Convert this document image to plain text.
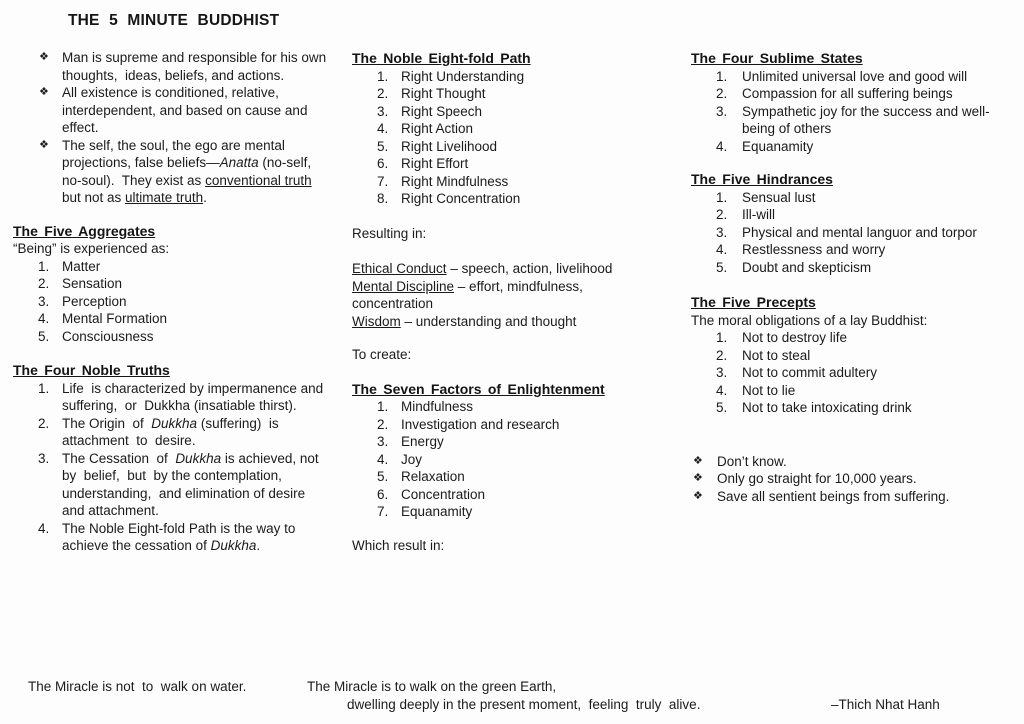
THE 5 MINUTE BUDDHIST
❖ Man is supreme and responsible for his own thoughts,  ideas, beliefs, and actions.
❖ All existence is conditioned, relative, interdependent, and based on cause and effect.
❖ The self, the soul, the ego are mental projections, false beliefs—Anatta (no-self, no-soul).  They exist as conventional truth but not as ultimate truth.
The Five Aggregates

“Being” is experienced as:

1. Matter
2. Sensation
3. Perception
4. Mental Formation
5. Consciousness
The Four Noble Truths
1. Life  is characterized by impermanence and suffering,  or  Dukkha (insatiable thirst).
2. The Origin  of  Dukkha (suffering)  is attachment  to  desire.
3. The Cessation  of  Dukkha is achieved, not  by  belief,  but  by the contemplation,  understanding,  and elimination of desire and attachment.
4. The Noble Eight-fold Path is the way to achieve the cessation of Dukkha.
The Noble Eight-fold Path
1. Right Understanding
2. Right Thought
3. Right Speech
4. Right Action
5. Right Livelihood
6. Right Effort
7. Right Mindfulness
8. Right Concentration

Resulting in:

Ethical Conduct – speech, action, livelihood

Mental Discipline – effort, mindfulness, concentration

Wisdom – understanding and thought

To create:

The Seven Factors of Enlightenment
1. Mindfulness
2. Investigation and research
3. Energy
4. Joy
5. Relaxation
6. Concentration
7. Equanamity

Which result in:

The Four Sublime States
1.	Unlimited universal love and good will
2.	Compassion for all suffering beings
3.	Sympathetic joy for the success and well-being of others
4.	Equanamity
The Five Hindrances
1.	Sensual lust
2.	Ill-will
3.	Physical and mental languor and torpor
4.	Restlessness and worry
5.	Doubt and skepticism
The Five Precepts

The moral obligations of a lay Buddhist:

1.	Not to destroy life
2.	Not to steal
3.	Not to commit adultery
4.	Not to lie
5.	Not to take intoxicating drink
❖	Don’t know.
❖	Only go straight for 10,000 years.
❖	Save all sentient beings from suffering.
The Miracle is not  to  walk on water.	The Miracle is to walk on the green Earth,
dwelling deeply in the present moment,  feeling  truly  alive.	–Thich Nhat Hanh
